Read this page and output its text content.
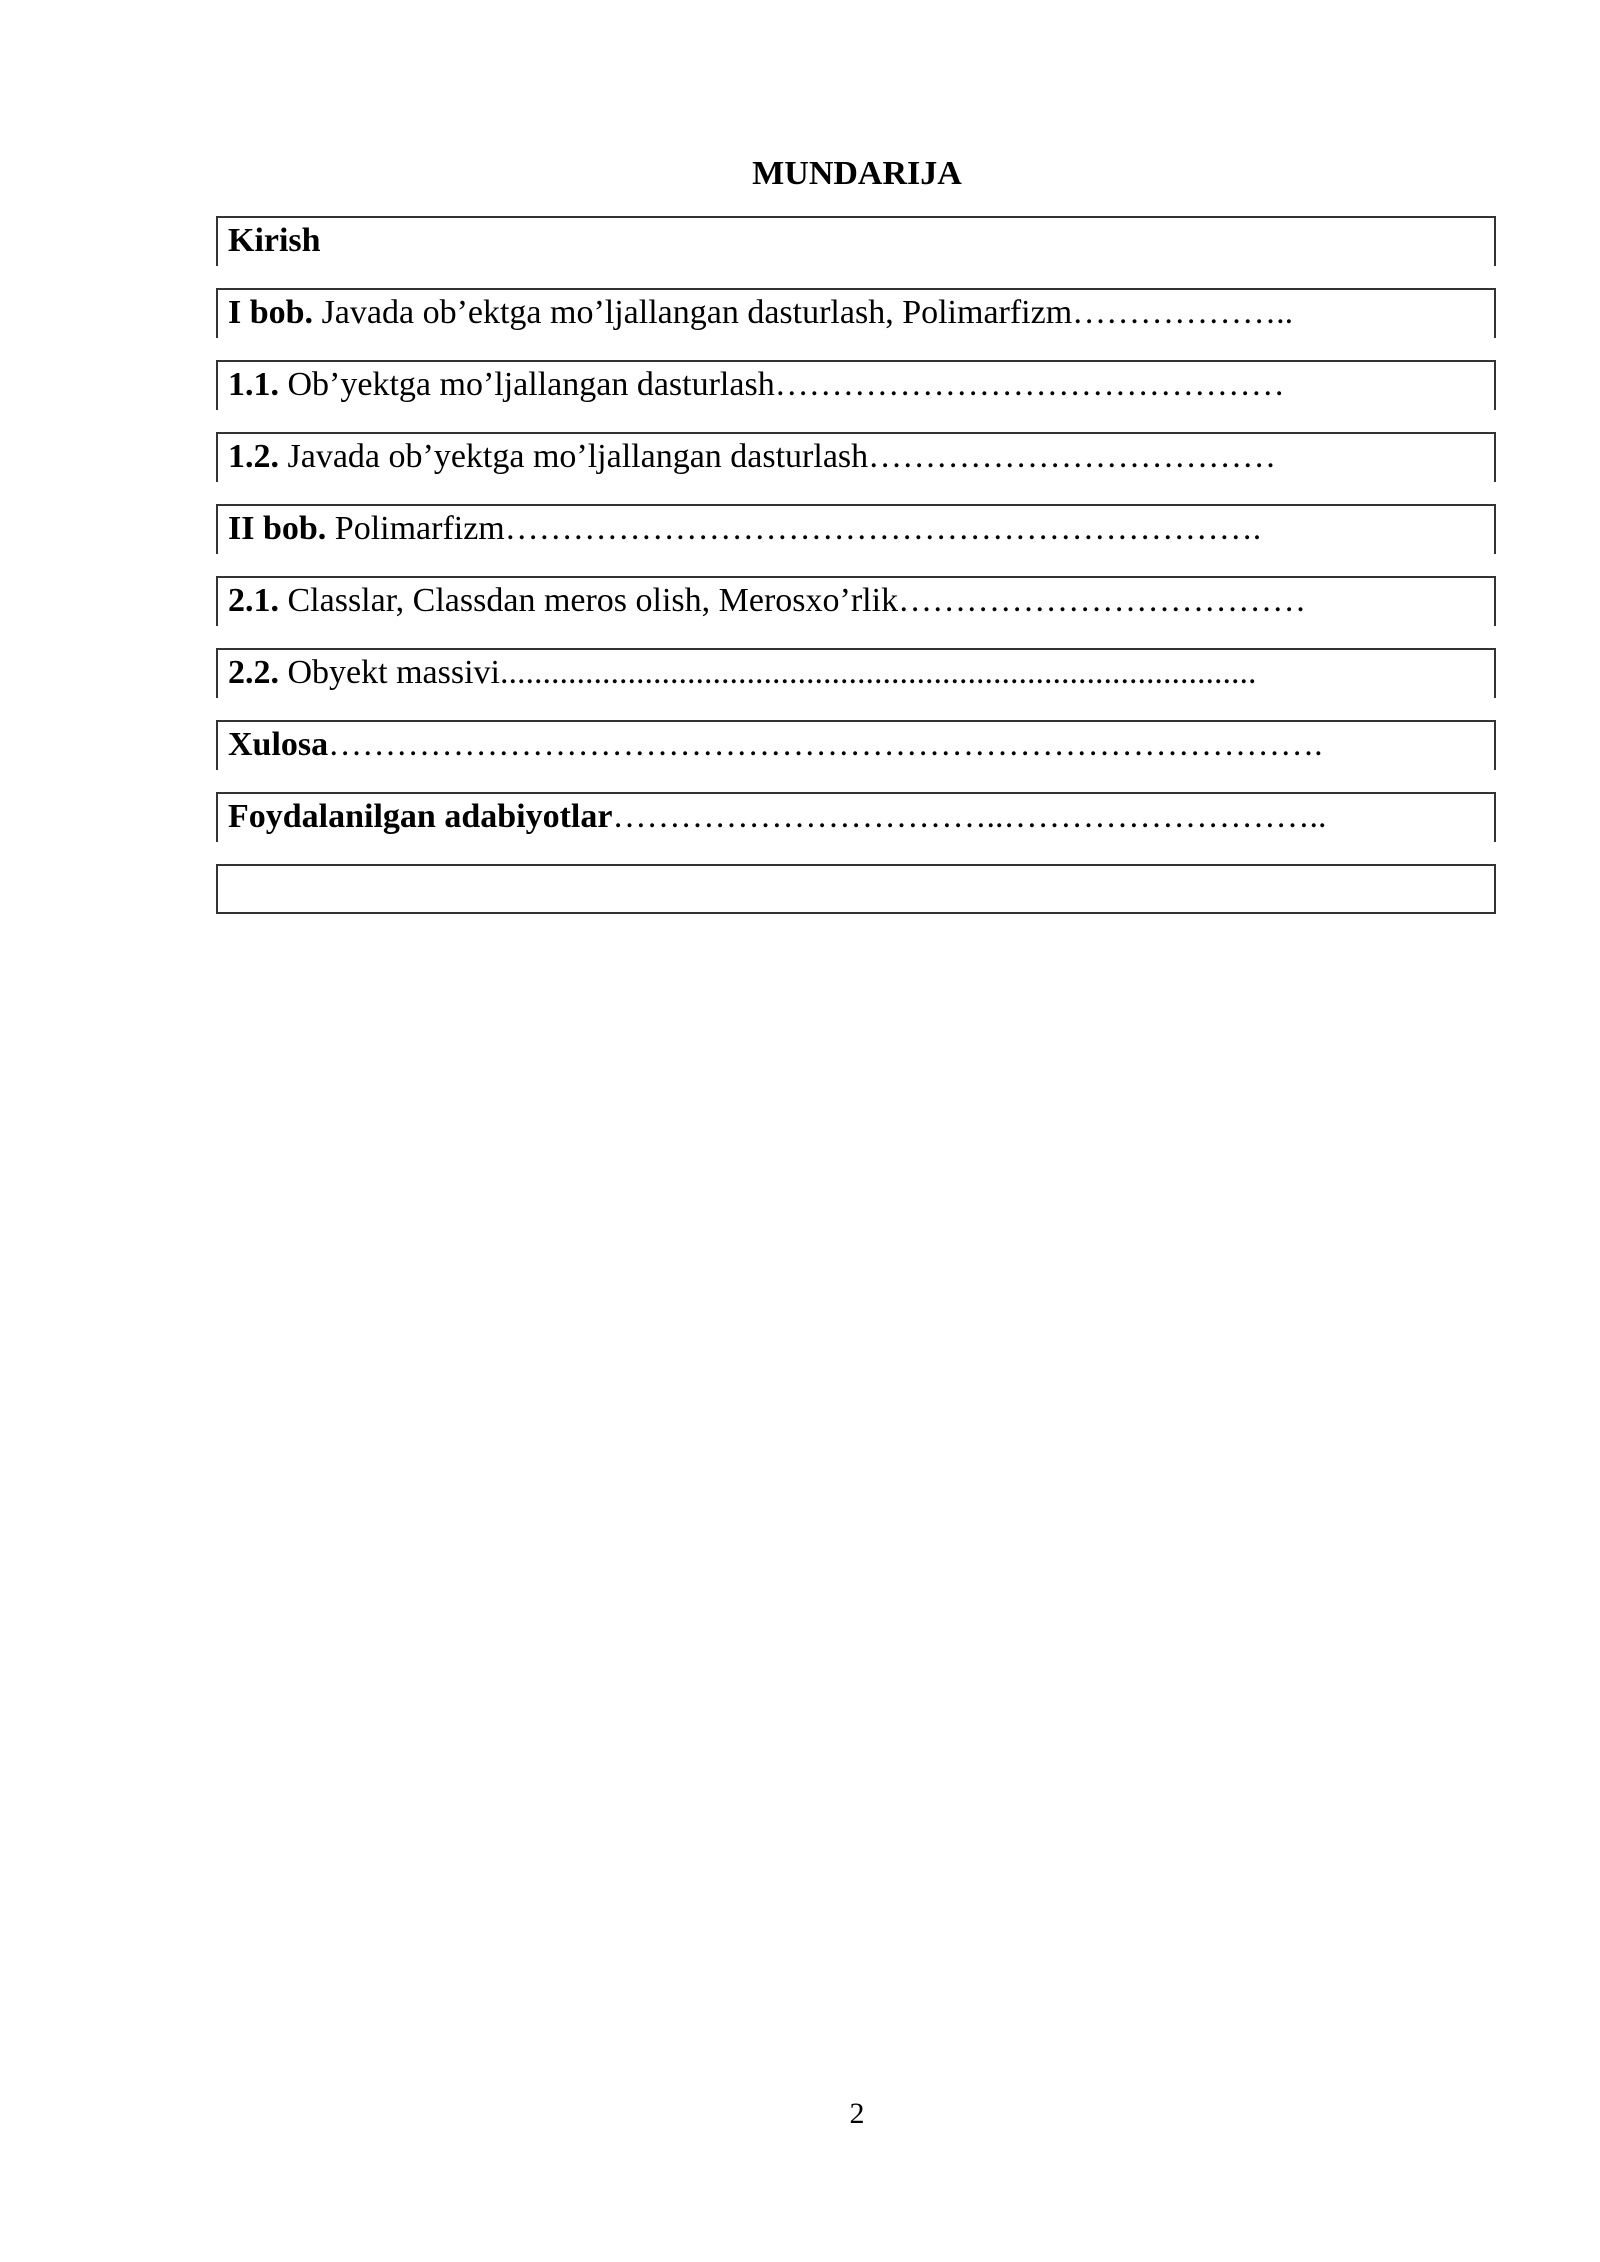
MUNDARIJA
Kirish
I bob. Javada ob’ektga mo’ljallangan dasturlash, Polimarfizm………………..
1.1. Ob’yektga mo’ljallangan dasturlash………………………………………
1.2. Javada ob’yektga mo’ljallangan dasturlash………………………………
II bob. Polimarfizm………………………………………………………….
2.1. Classlar, Classdan meros olish, Merosxo’rlik………………………………
2.2. Obyekt massivi.........................................................................................
Xulosa…………………………………………………………………………….
Foydalanilgan adabiyotlar……………………………..………………………..
2
